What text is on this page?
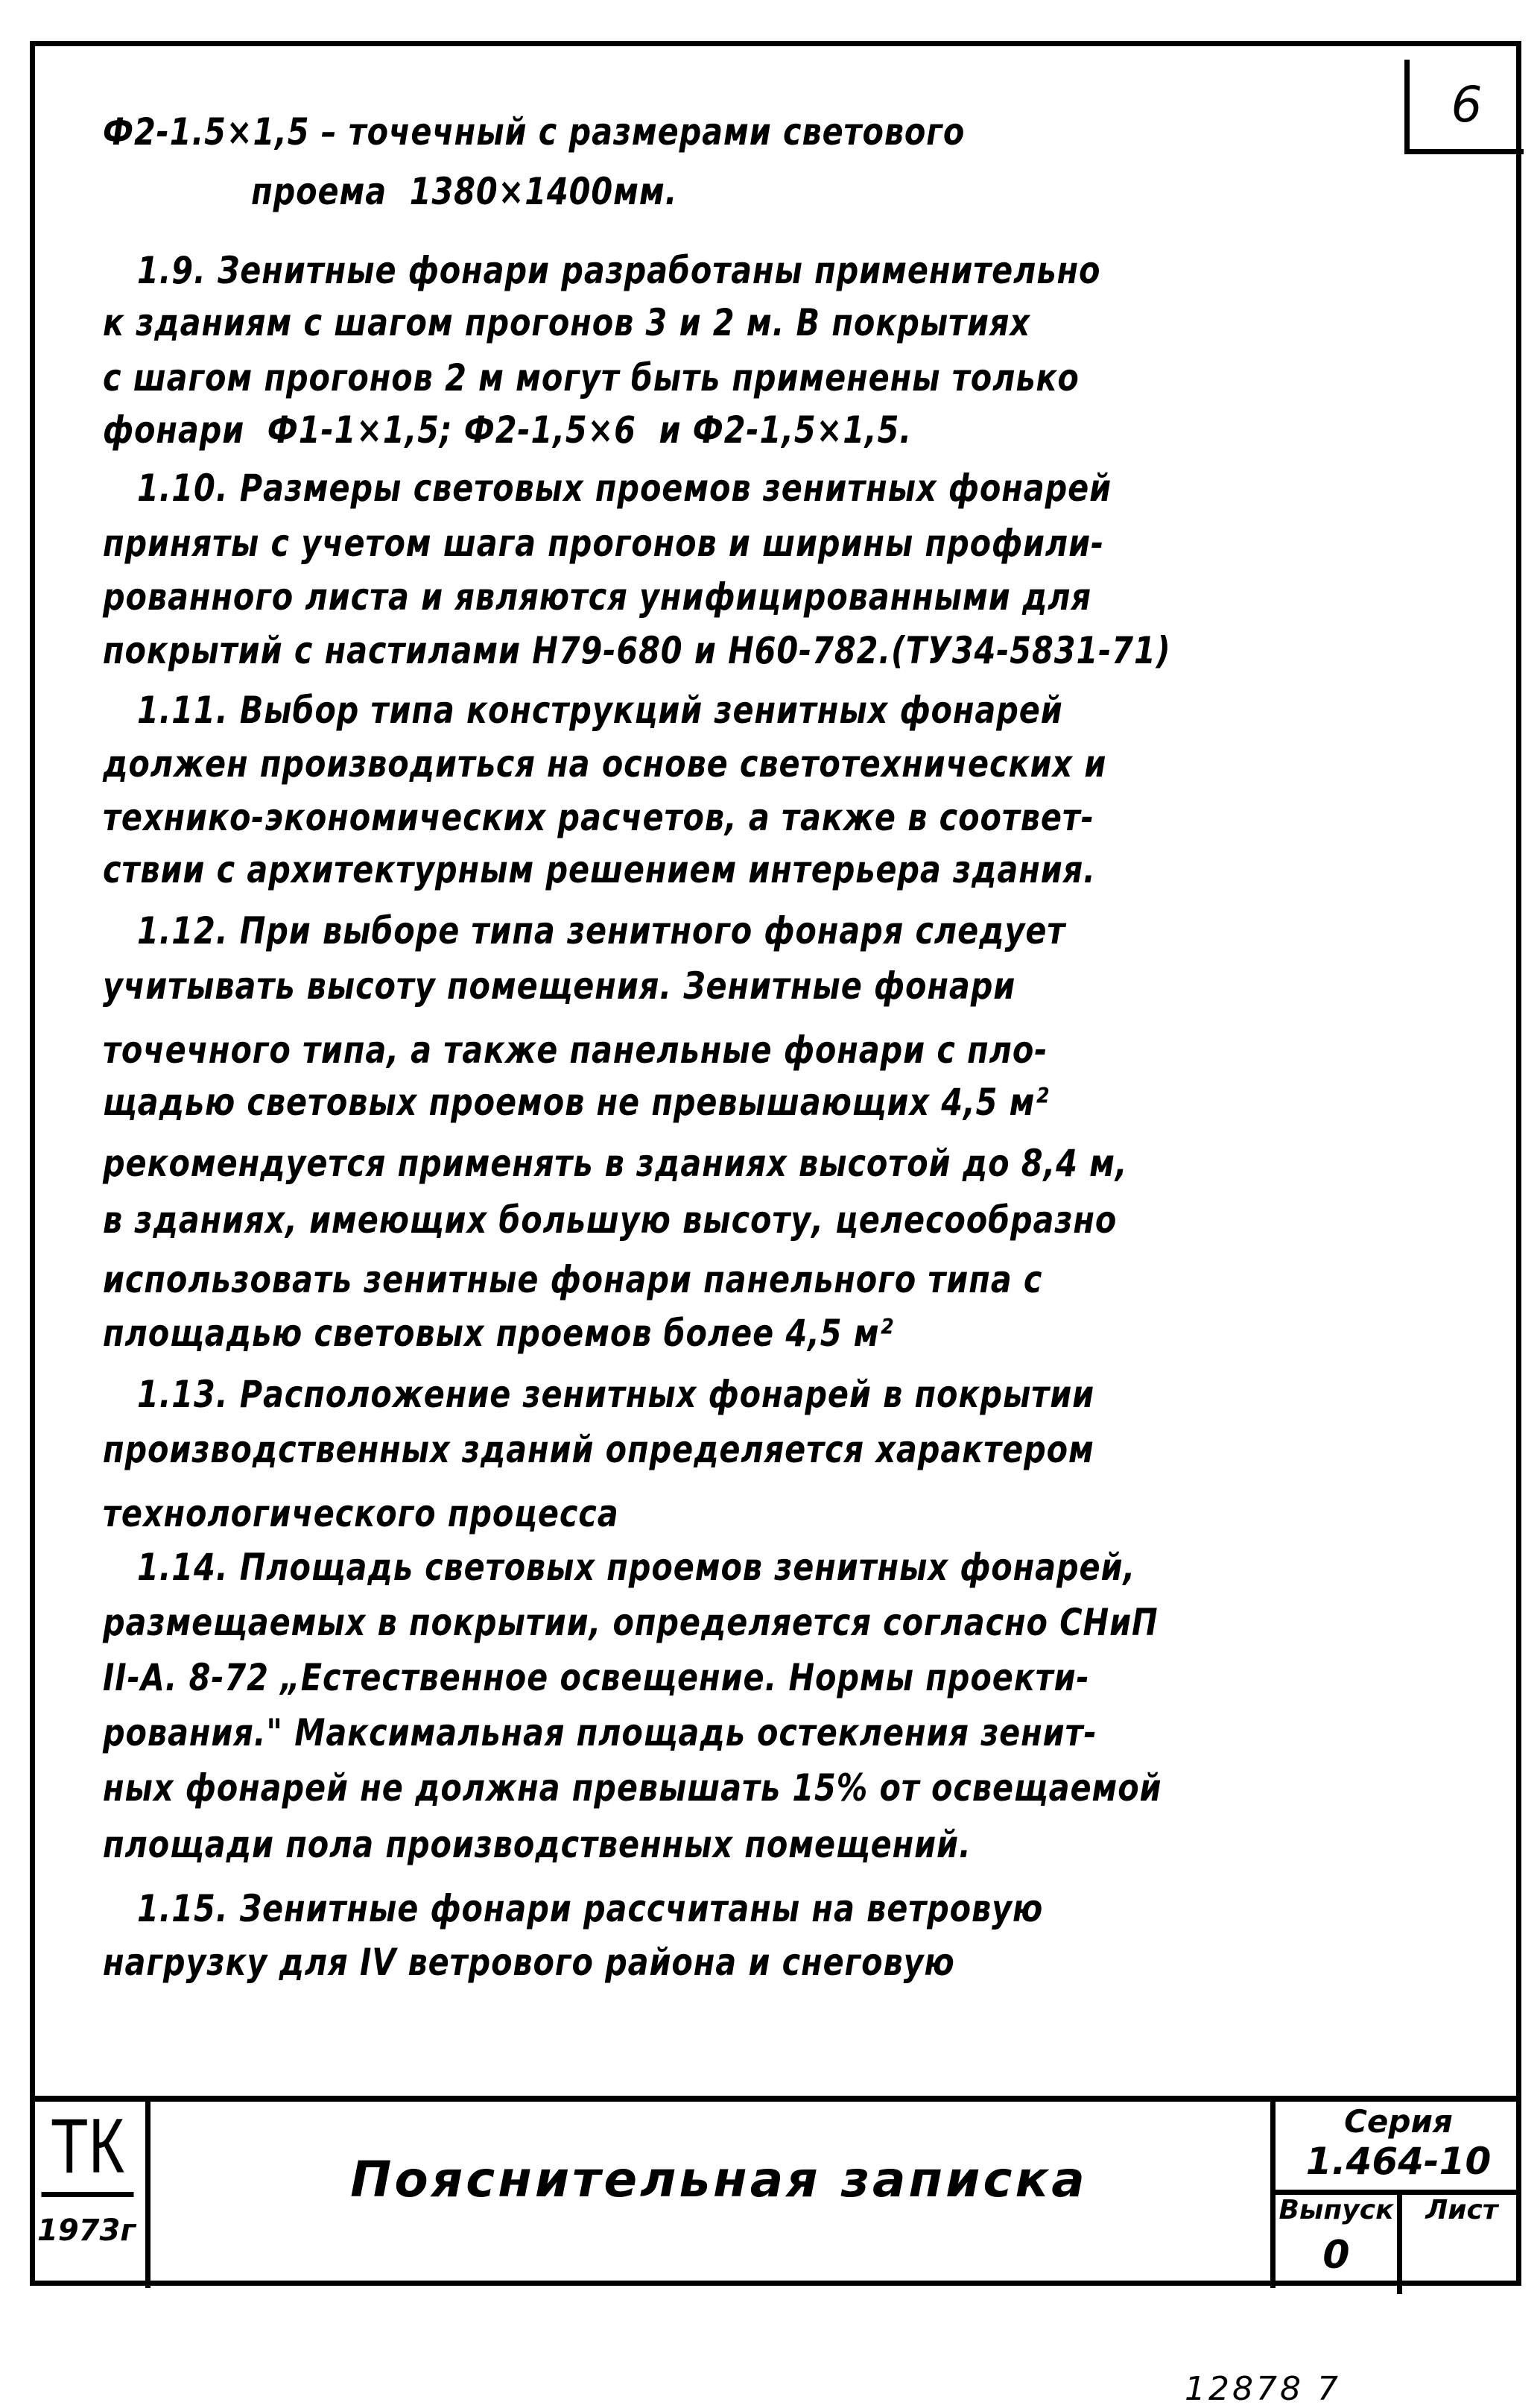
6
Ф2-1.5×1,5 – точечный с размерами светового
проема  1380×1400мм.
1.9. Зенитные фонари разработаны применительно
к зданиям с шагом прогонов 3 и 2 м. В покрытиях
с шагом прогонов 2 м могут быть применены только
фонари  Ф1-1×1,5; Ф2-1,5×6  и Ф2-1,5×1,5.
1.10. Размеры световых проемов зенитных фонарей
приняты с учетом шага прогонов и ширины профили-
рованного листа и являются унифицированными для
покрытий с настилами Н79-680 и Н60-782.(ТУ34-5831-71)
1.11. Выбор типа конструкций зенитных фонарей
должен производиться на основе светотехнических и
технико-экономических расчетов, а также в соответ-
ствии с архитектурным решением интерьера здания.
1.12. При выборе типа зенитного фонаря следует
учитывать высоту помещения. Зенитные фонари
точечного типа, а также панельные фонари с пло-
щадью световых проемов не превышающих 4,5 м²
рекомендуется применять в зданиях высотой до 8,4 м,
в зданиях, имеющих большую высоту, целесообразно
использовать зенитные фонари панельного типа с
площадью световых проемов более 4,5 м²
1.13. Расположение зенитных фонарей в покрытии
производственных зданий определяется характером
технологического процесса
1.14. Площадь световых проемов зенитных фонарей,
размещаемых в покрытии, определяется согласно СНиП
II-А. 8-72 „Естественное освещение. Нормы проекти-
рования." Максимальная площадь остекления зенит-
ных фонарей не должна превышать 15% от освещаемой
площади пола производственных помещений.
1.15. Зенитные фонари рассчитаны на ветровую
нагрузку для IV ветрового района и снеговую
ТК
1973г
Пояснительная записка
Серия
1.464-10
Выпуск
0
Лист
12878 7
